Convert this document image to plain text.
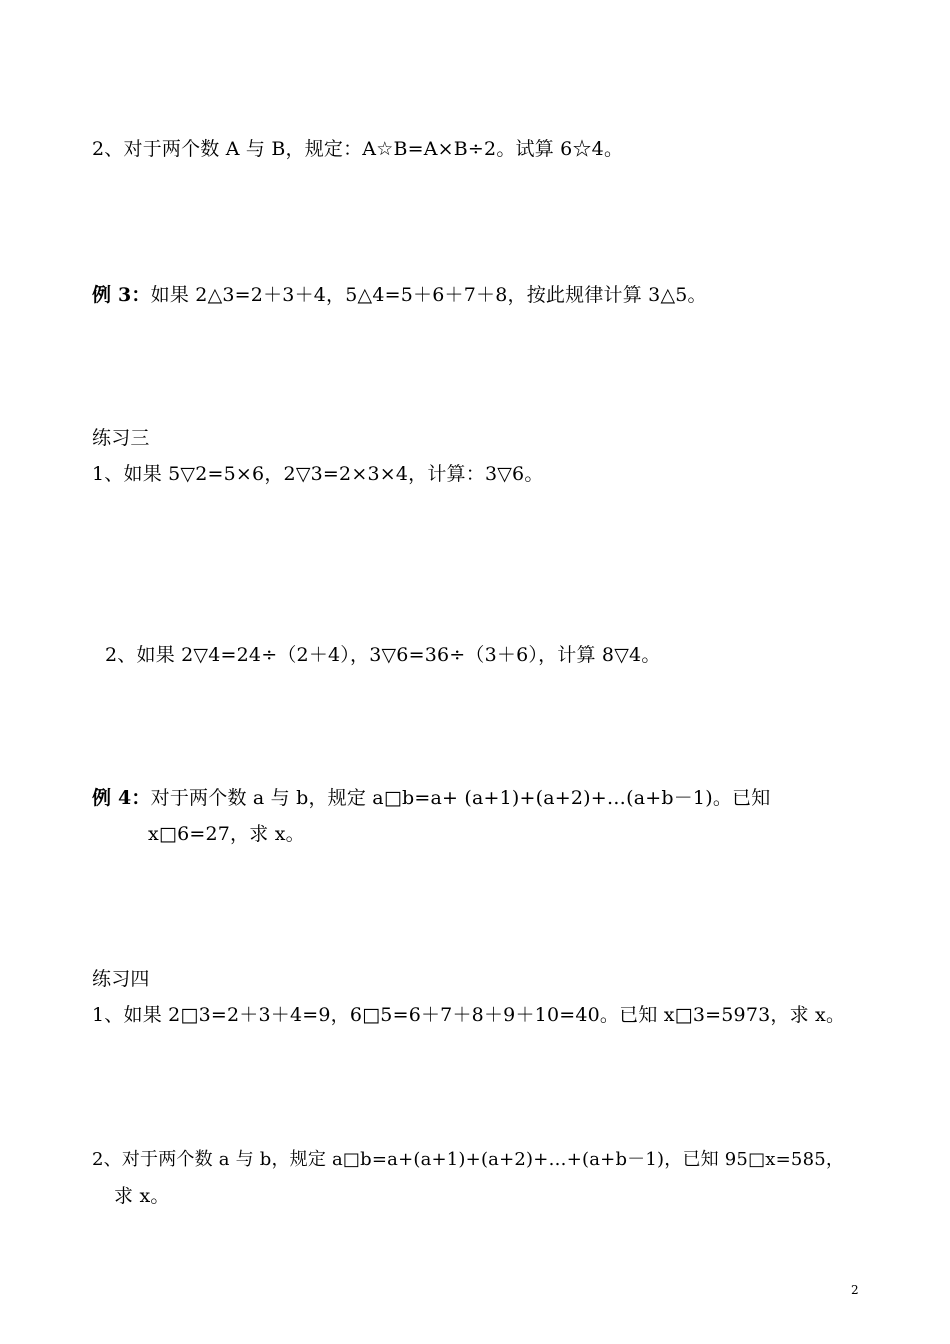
2、对于两个数 A 与 B，规定：A☆B=A×B÷2。试算 6☆4。
例 3：如果 2△3=2＋3＋4，5△4=5＋6＋7＋8，按此规律计算 3△5。
练习三
1、如果 5▽2=5×6，2▽3=2×3×4，计算：3▽6。
2、如果 2▽4=24÷（2＋4），3▽6=36÷（3＋6），计算 8▽4。
例 4：对于两个数 a 与 b，规定 a□b=a+ (a+1)+(a+2)+…(a+b－1)。已知
x□6=27，求 x。
练习四
1、如果 2□3=2＋3＋4=9，6□5=6＋7＋8＋9＋10=40。已知 x□3=5973，求 x。
2、对于两个数 a 与 b，规定 a□b=a+(a+1)+(a+2)+…+(a+b－1)，已知 95□x=585，
求 x。
2
